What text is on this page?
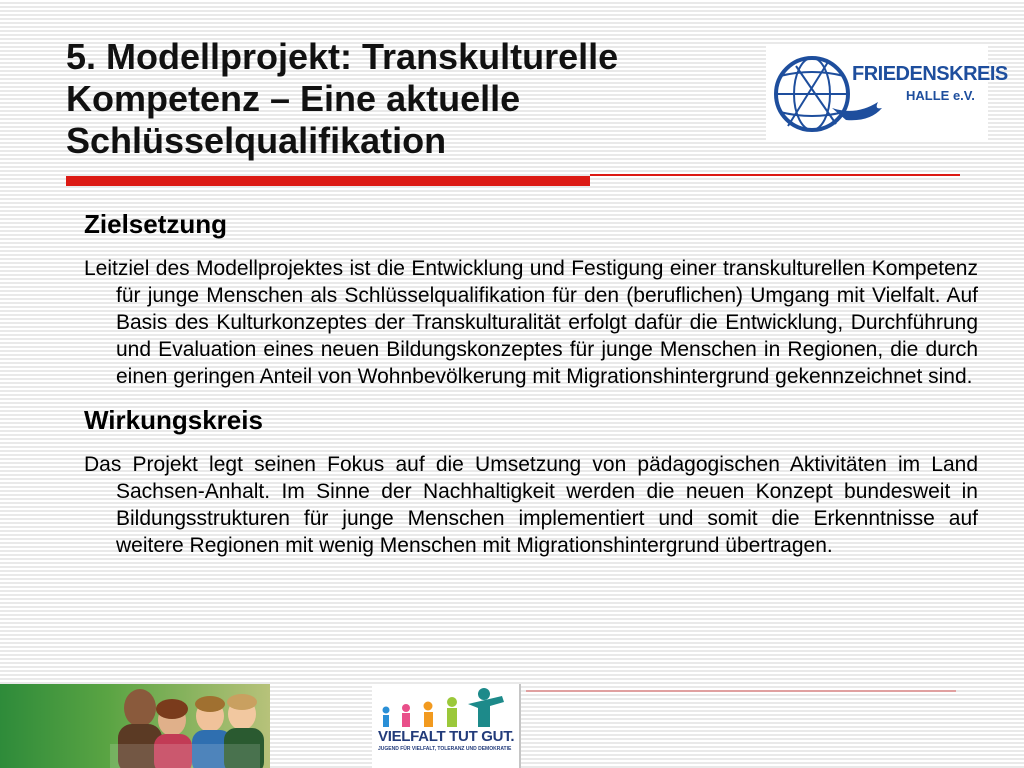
5. Modellprojekt: Transkulturelle
Kompetenz – Eine aktuelle
Schlüsselqualifikation
FRIEDENSKREIS
HALLE e.V.
Zielsetzung

Leitziel des Modellprojektes ist die Entwicklung und Festigung einer transkulturellen Kompetenz für junge Menschen als Schlüsselqualifikation für den (beruflichen) Umgang mit Vielfalt. Auf Basis des Kulturkonzeptes der Transkulturalität erfolgt dafür die Entwicklung, Durchführung und Evaluation eines neuen Bildungskonzeptes für junge Menschen in Regionen, die durch einen geringen Anteil von Wohnbevölkerung mit Migrationshintergrund gekennzeichnet sind.

Wirkungskreis

Das Projekt legt seinen Fokus auf die Umsetzung von pädagogischen Aktivitäten im Land Sachsen-Anhalt. Im Sinne der Nachhaltigkeit werden die neuen Konzept bundesweit in Bildungsstrukturen für junge Menschen implementiert und somit die Erkenntnisse auf weitere Regionen mit wenig Menschen mit Migrationshintergrund übertragen.

VIELFALT TUT GUT.
JUGEND FÜR VIELFALT, TOLERANZ UND DEMOKRATIE
